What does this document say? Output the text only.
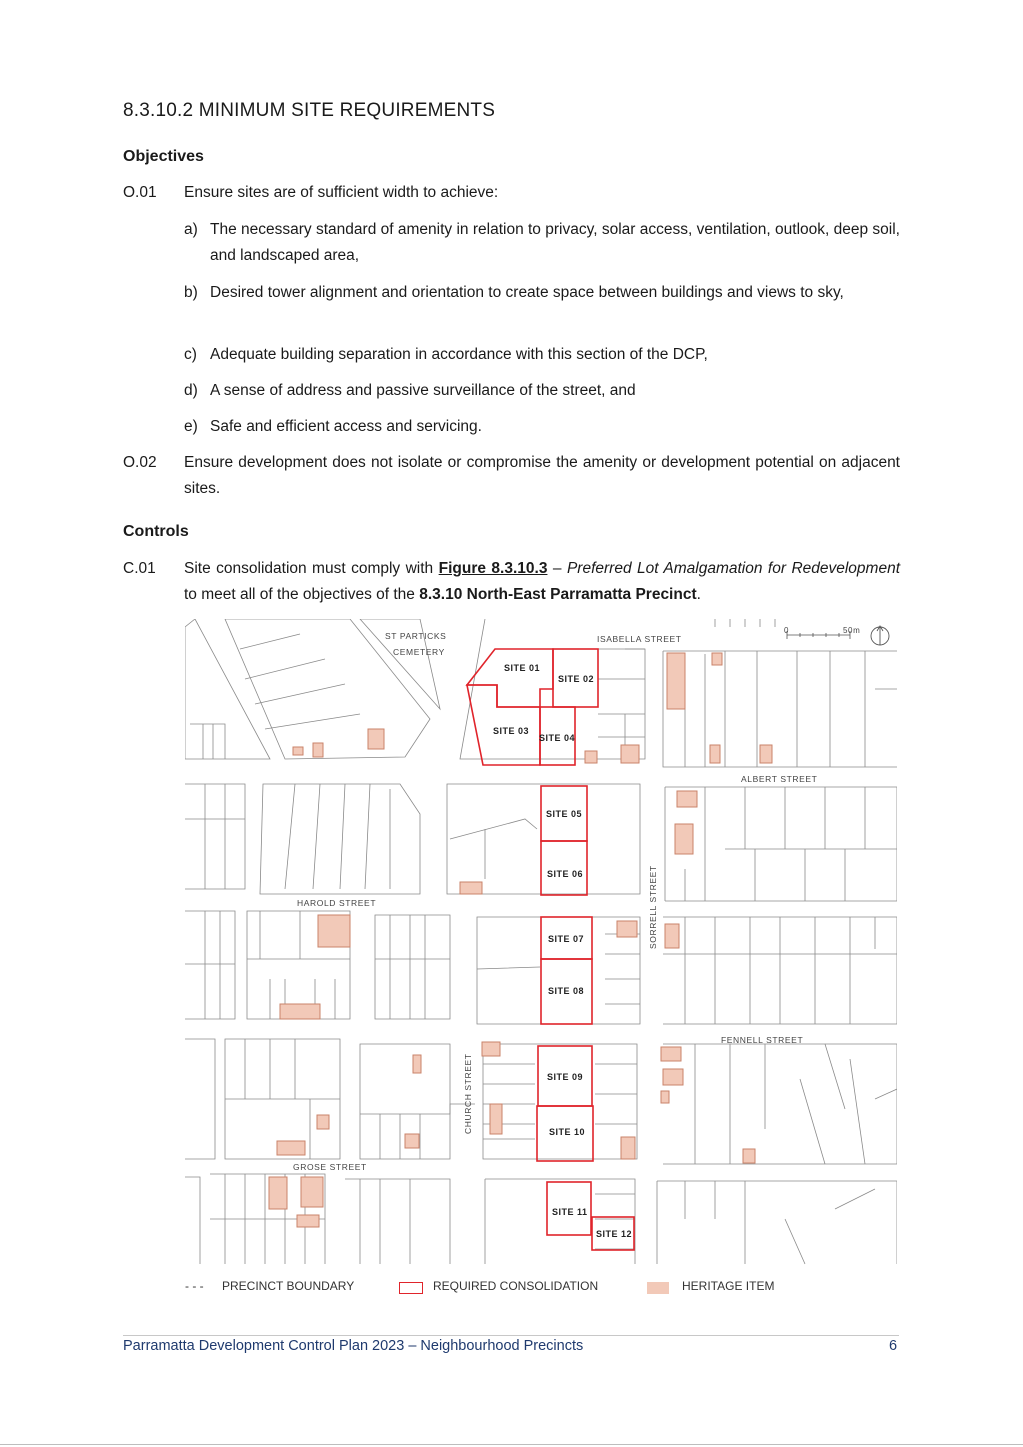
8.3.10.2 MINIMUM SITE REQUIREMENTS
Objectives
O.01 Ensure sites are of sufficient width to achieve:
a) The necessary standard of amenity in relation to privacy, solar access, ventilation, outlook, deep soil, and landscaped area,
b) Desired tower alignment and orientation to create space between buildings and views to sky,
c) Adequate building separation in accordance with this section of the DCP,
d) A sense of address and passive surveillance of the street, and
e) Safe and efficient access and servicing.
O.02 Ensure development does not isolate or compromise the amenity or development potential on adjacent sites.
Controls
C.01 Site consolidation must comply with Figure 8.3.10.3 – Preferred Lot Amalgamation for Redevelopment to meet all of the objectives of the 8.3.10 North-East Parramatta Precinct.
SITE 01
SITE 02
SITE 03
SITE 04
SITE 05
SITE 06
SITE 07
SITE 08
SITE 09
SITE 10
SITE 11
SITE 12
ST PARTICKS
CEMETERY
ISABELLA STREET
ALBERT STREET
HAROLD STREET
FENNELL STREET
GROSE STREET
SORRELL STREET
CHURCH STREET
0	50m
- - - PRECINCT BOUNDARY	REQUIRED CONSOLIDATION	HERITAGE ITEM
Parramatta Development Control Plan 2023 – Neighbourhood Precincts	6
